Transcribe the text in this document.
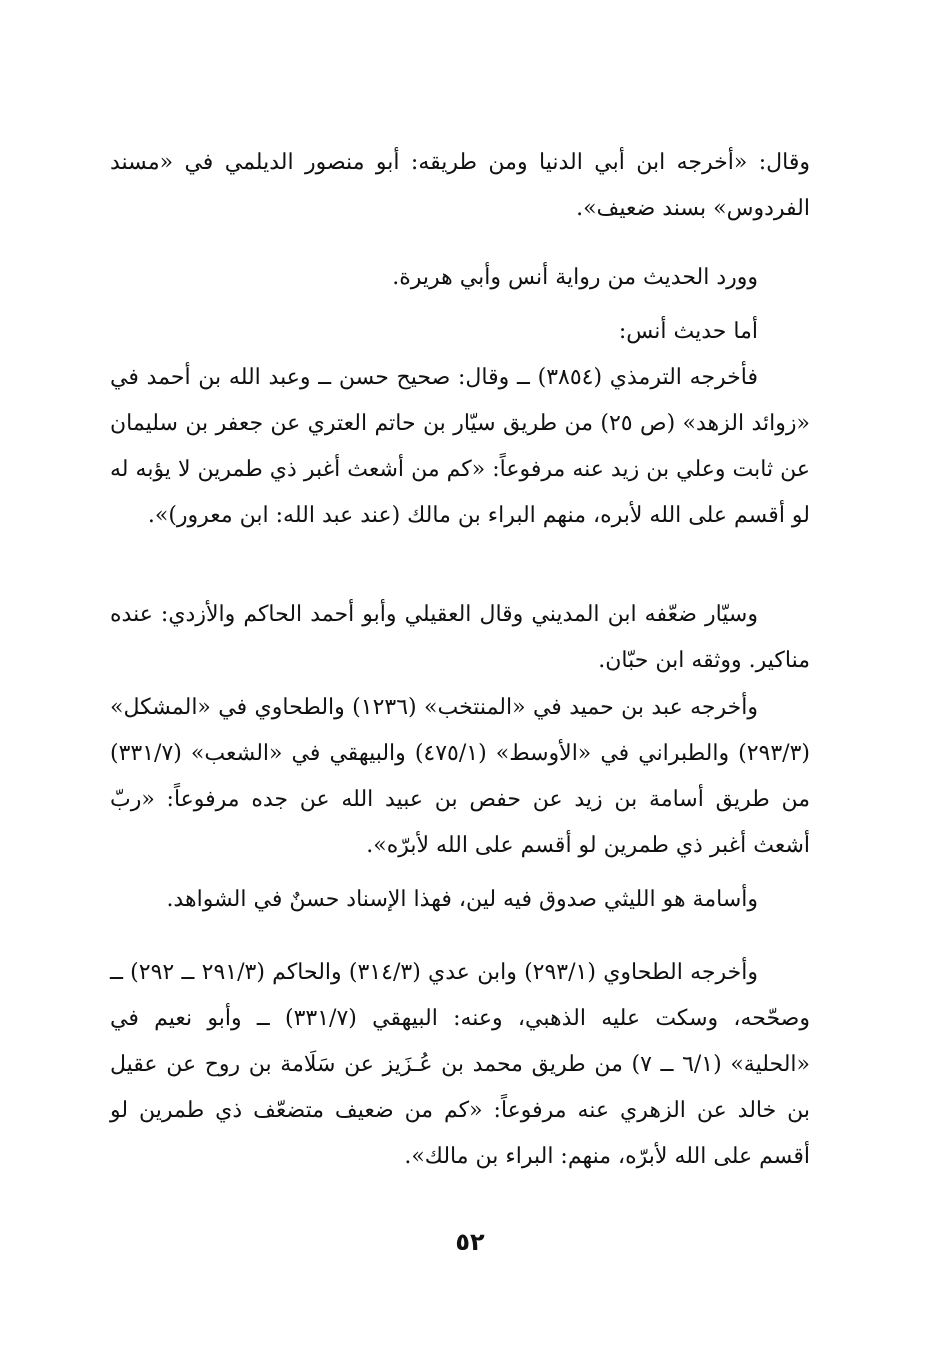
وقال: «أخرجه ابن أبي الدنيا ومن طريقه: أبو منصور الديلمي في «مسند الفردوس» بسند ضعيف».

وورد الحديث من رواية أنس وأبي هريرة.

أما حديث أنس:

فأخرجه الترمذي (٣٨٥٤) ــ وقال: صحيح حسن ــ وعبد الله بن أحمد في «زوائد الزهد» (ص ٢٥) من طريق سيّار بن حاتم العتري عن جعفر بن سليمان عن ثابت وعلي بن زيد عنه مرفوعاً: «كم من أشعث أغبر ذي طمرين لا يؤبه له لو أقسم على الله لأبره، منهم البراء بن مالك (عند عبد الله: ابن معرور)».

وسيّار ضعّفه ابن المديني وقال العقيلي وأبو أحمد الحاكم والأزدي: عنده مناكير. ووثقه ابن حبّان.

وأخرجه عبد بن حميد في «المنتخب» (١٢٣٦) والطحاوي في «المشكل» (٢٩٣/٣) والطبراني في «الأوسط» (٤٧٥/١) والبيهقي في «الشعب» (٣٣١/٧) من طريق أسامة بن زيد عن حفص بن عبيد الله عن جده مرفوعاً: «ربّ أشعث أغبر ذي طمرين لو أقسم على الله لأبرّه».

وأسامة هو الليثي صدوق فيه لين، فهذا الإسناد حسنٌ في الشواهد.

وأخرجه الطحاوي (٢٩٣/١) وابن عدي (٣١٤/٣) والحاكم (٢٩١/٣ ــ ٢٩٢) ــ وصحّحه، وسكت عليه الذهبي، وعنه: البيهقي (٣٣١/٧) ــ وأبو نعيم في «الحلية» (٦/١ ــ ٧) من طريق محمد بن عُـزَيز عن سَلَامة بن روح عن عقيل بن خالد عن الزهري عنه مرفوعاً: «كم من ضعيف متضعّف ذي طمرين لو أقسم على الله لأبرّه، منهم: البراء بن مالك».

٥٢
